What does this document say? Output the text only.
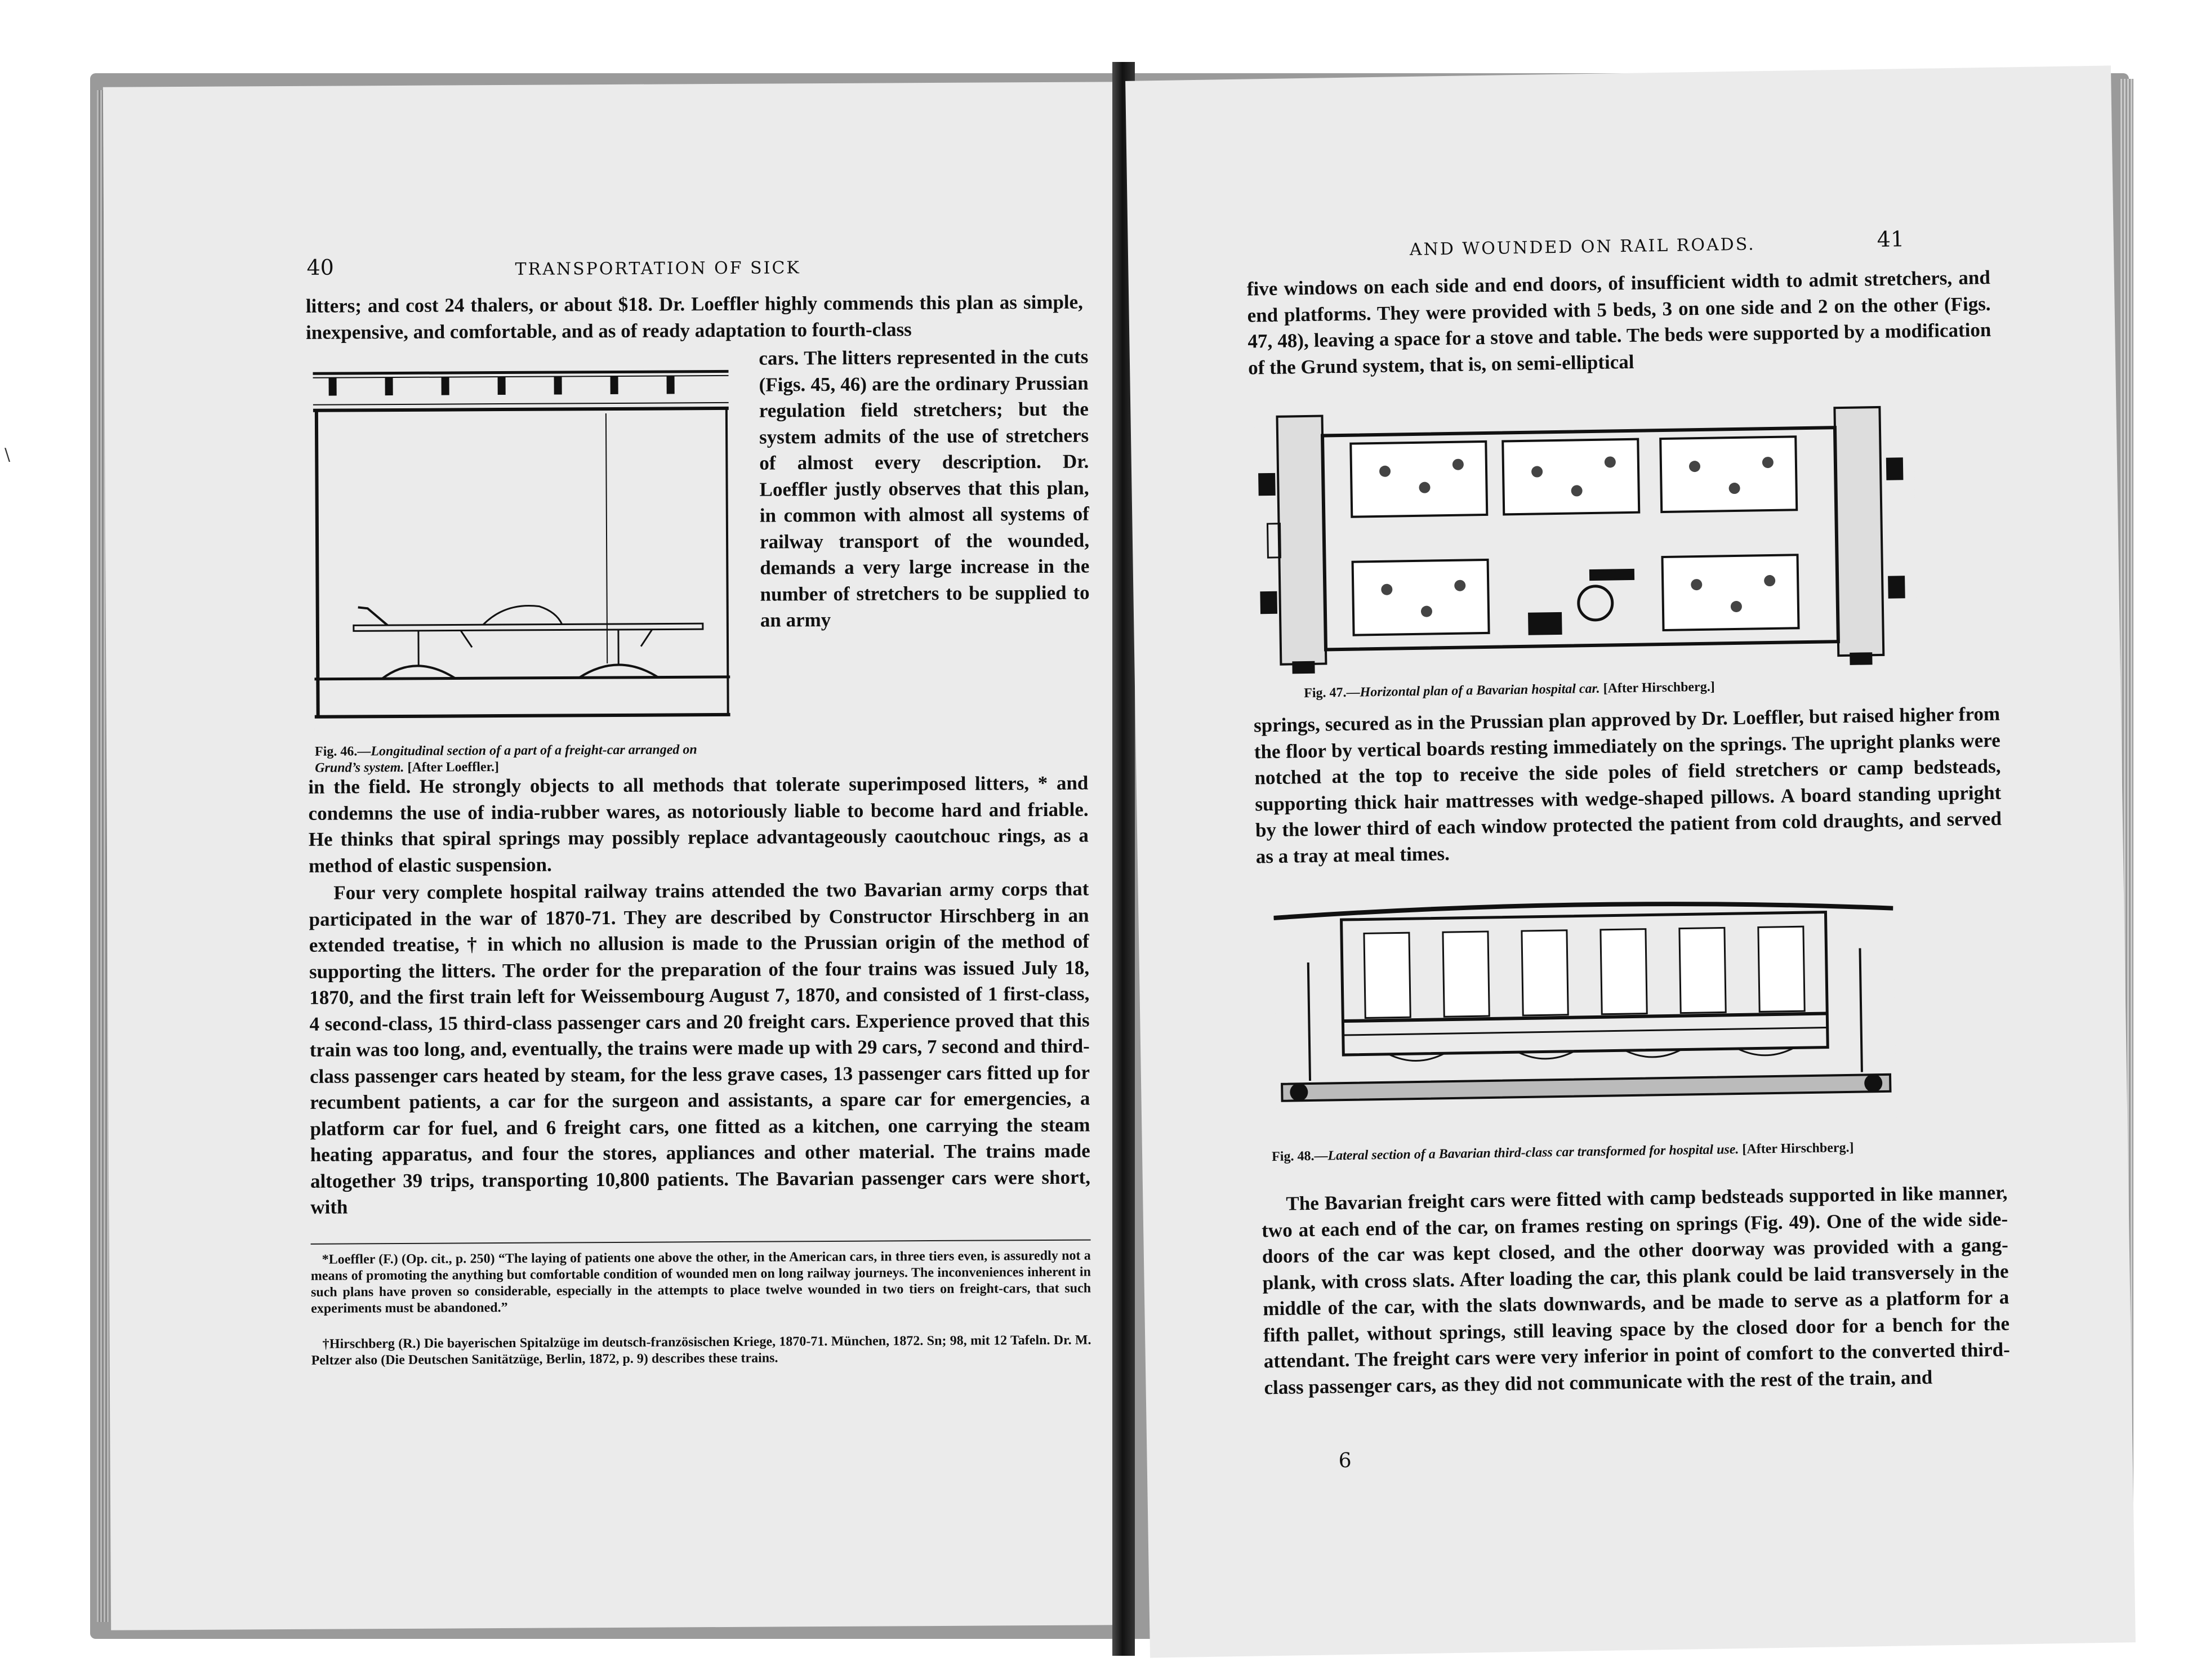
\
40	TRANSPORTATION OF SICK
litters; and cost 24 thalers, or about $18. Dr. Loeffler highly commends this plan as simple, inexpensive, and comfortable, and as of ready adaptation to fourth-class
cars. The litters represented in the cuts (Figs. 45, 46) are the ordinary Prussian regulation field stretchers; but the system admits of the use of stretchers of almost every description. Dr. Loeffler justly observes that this plan, in common with almost all systems of railway transport of the wounded, demands a very large increase in the number of stretchers to be supplied to an army
Fig. 46.—Longitudinal section of a part of a freight-car arranged on Grund’s system. [After Loeffler.]
in the field. He strongly objects to all methods that tolerate superimposed litters, * and condemns the use of india-rubber wares, as notoriously liable to become hard and friable. He thinks that spiral springs may possibly replace advantageously caoutchouc rings, as a method of elastic suspension.
Four very complete hospital railway trains attended the two Bavarian army corps that participated in the war of 1870-71. They are described by Constructor Hirschberg in an extended treatise, † in which no allusion is made to the Prussian origin of the method of supporting the litters. The order for the preparation of the four trains was issued July 18, 1870, and the first train left for Weissembourg August 7, 1870, and consisted of 1 first-class, 4 second-class, 15 third-class passenger cars and 20 freight cars. Experience proved that this train was too long, and, eventually, the trains were made up with 29 cars, 7 second and third-class passenger cars heated by steam, for the less grave cases, 13 passenger cars fitted up for recumbent patients, a car for the surgeon and assistants, a spare car for emergencies, a platform car for fuel, and 6 freight cars, one fitted as a kitchen, one carrying the steam heating apparatus, and four the stores, appliances and other material. The trains made altogether 39 trips, transporting 10,800 patients. The Bavarian passenger cars were short, with
*Loeffler (F.) (Op. cit., p. 250) “The laying of patients one above the other, in the American cars, in three tiers even, is assuredly not a means of promoting the anything but comfortable condition of wounded men on long railway journeys. The inconveniences inherent in such plans have proven so considerable, especially in the attempts to place twelve wounded in two tiers on freight-cars, that such experiments must be abandoned.”
†Hirschberg (R.) Die bayerischen Spitalzüge im deutsch-französischen Kriege, 1870-71. München, 1872. Sn; 98, mit 12 Tafeln. Dr. M. Peltzer also (Die Deutschen Sanitätzüge, Berlin, 1872, p. 9) describes these trains.
AND WOUNDED ON RAIL ROADS.	41
five windows on each side and end doors, of insufficient width to admit stretchers, and end platforms. They were provided with 5 beds, 3 on one side and 2 on the other (Figs. 47, 48), leaving a space for a stove and table. The beds were supported by a modification of the Grund system, that is, on semi-elliptical
Fig. 47.—Horizontal plan of a Bavarian hospital car. [After Hirschberg.]
springs, secured as in the Prussian plan approved by Dr. Loeffler, but raised higher from the floor by vertical boards resting immediately on the springs. The upright planks were notched at the top to receive the side poles of field stretchers or camp bedsteads, supporting thick hair mattresses with wedge-shaped pillows. A board standing upright by the lower third of each window protected the patient from cold draughts, and served as a tray at meal times.
Fig. 48.—Lateral section of a Bavarian third-class car transformed for hospital use. [After Hirschberg.]
The Bavarian freight cars were fitted with camp bedsteads supported in like manner, two at each end of the car, on frames resting on springs (Fig. 49). One of the wide side-doors of the car was kept closed, and the other doorway was provided with a gang-plank, with cross slats. After loading the car, this plank could be laid transversely in the middle of the car, with the slats downwards, and be made to serve as a platform for a fifth pallet, without springs, still leaving space by the closed door for a bench for the attendant. The freight cars were very inferior in point of comfort to the converted third-class passenger cars, as they did not communicate with the rest of the train, and
6
